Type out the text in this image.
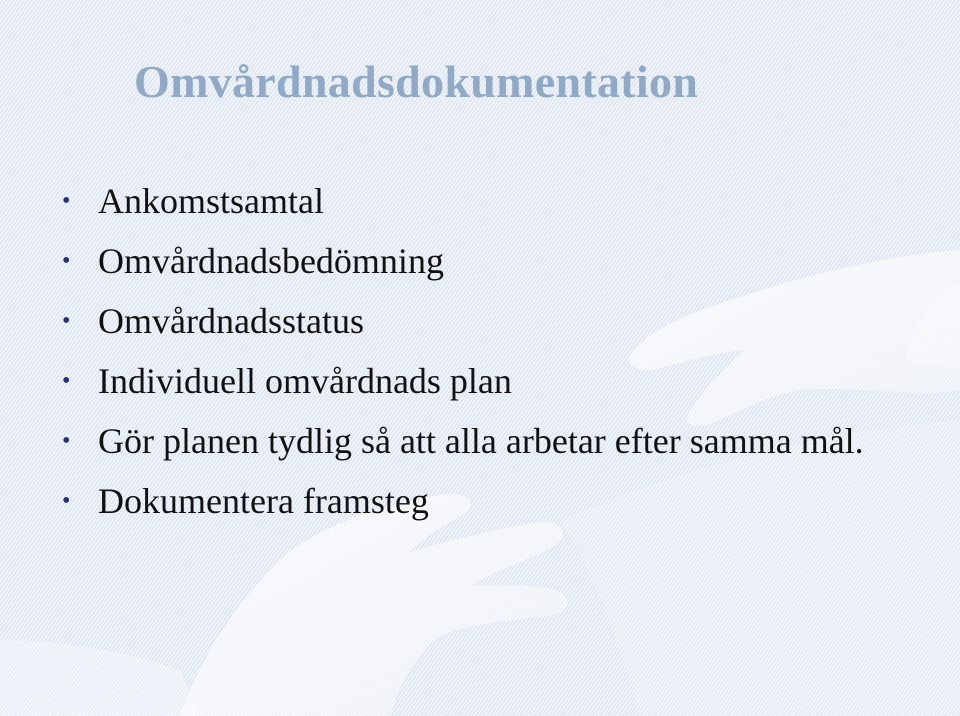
Omvårdnadsdokumentation
• Ankomstsamtal
• Omvårdnadsbedömning
• Omvårdnadsstatus
• Individuell omvårdnads plan
• Gör planen tydlig så att alla arbetar efter samma mål.
• Dokumentera framsteg
